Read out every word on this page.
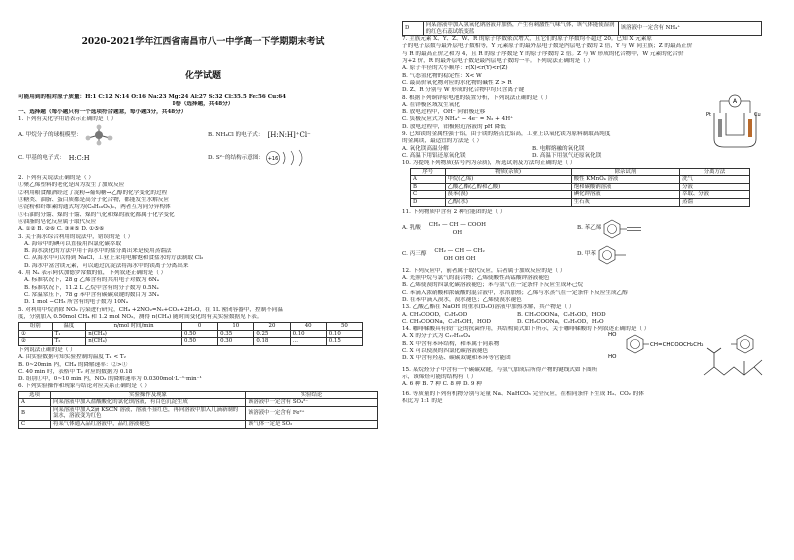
2020-2021学年江西省南昌市八一中学高一下学期期末考试

化学试题

可能用到的相对原子质量：H:1 C:12 N:14 O:16 Na:23 Mg:24 Al:27 S:32 Cl:35.5 Fe:56 Cu:64

Ⅰ卷（选择题，共48分）

一、选择题（每小题只有一个选项符合题意，每小题3分，共48分）

1. 下列有关化学用语表示正确的是（ ）

A. 甲烷分子的球棍模型：	B. NH₄Cl 的电子式： [H:N:H]⁺Cl⁻
C. 甲基的电子式： H:C:H	D. S²⁻的结构示意图： +16

2. 下列有关说法正确的是（ ）

①聚乙烯塑料的老化是因为发生了加成反应

②利用粮食酿酒经过了淀粉→葡萄糖→乙醇的化学变化的过程

③糖类、油脂、蛋白质都是高分子化合物，都能发生水解反应

④淀粉和纤维素的通式均为(C₆H₁₀O₅)ₙ，两者互为同分异构体

⑤石油的分馏、煤的干馏、煤的气化和煤的液化都属于化学变化

⑥油脂的皂化反应属于取代反应

A. ①② B. ②⑥ C. ③④⑤ D. ①⑤⑥

3. 关于海水综合利用的说法中，错误的是（ ）

A. 海带中的碘可以直接用四氯化碳萃取

B. 海水淡化的方法中用于海水中的盐分离出来是使用蒸馏法

C. 从海水中可以得到 NaCl，工业上采用电解饱和食盐水的方法制取 Cl₂

D. 海水中富含镁元素，可以通过沉淀法将海水中的镁离子分离出来

4. 用 Nₐ 表示阿伏加德罗常数的值，下列叙述正确的是（ ）

A. 标准状况下，28 g 乙烯含有的共用电子对数为 6Nₐ

B. 标准状况下，11.2 L 乙烷中含有的分子数为 0.5Nₐ

C. 常温常压下，78 g 苯中含有碳碳双键的数目为 3Nₐ

D. 1 mol −CH₃ 所含有的电子数为 10Nₐ

5. 对利用甲烷消除 NO₂ 污染进行研究，CH₄ +2NO₂=N₂+CO₂+2H₂O，在 1L 密闭容器中，控制不同温

度，分别加入 0.50mol CH₄ 和 1.2 mol NO₂，测得 n(CH₄) 随时间变化的有关实验数据见下表。

组别	温度	n/mol 时间/min	0	10	20	40	50
①	T₁	n(CH₄)	0.50	0.35	0.25	0.10	0.10
②	T₂	n(CH₄)	0.50	0.30	0.18	…	0.15

下列说法正确的是（ ）

A. 由实验数据可知实验控制的温度 T₁ < T₂

B. 0~20min 内，CH₄ 的降解速率：②>①

C. 40 min 时，表格中 T₂ 对应的数据为 0.18

D. 组别①中，0~10 min 内，NO₂ 的降解速率为 0.0300mol·L⁻¹·min⁻¹

6. 下列实验操作和现象与结论对应关系正确的是（ ）

选项	实验操作及现象	实验结论
A	向某溶液中加入盐酸酸化的氯化钡溶液，有白色沉淀生成	该溶液中一定含有 SO₄²⁻
B	向某溶液中加入2滴 KSCN 溶液，溶液不显红色，再向溶液中加入几滴新制的氯水，溶液变为红色	该溶液中一定含有 Fe²⁺
C	将某气体通入品红溶液中，品红溶液褪色	该气体一定是 SO₂
D	向某溶液中加入氢氧化钠溶液并加热，产生有刺激性气味气体，该气体能使湿润的红色石蕊试纸变蓝	该溶液中一定含有 NH₄⁺

7. 主族元素 X、Y、Z、W、R 的原子序数依次增大，且它们的原子序数均不超过 20。已知 X 元素原

子的电子层数与最外层电子数相等，Y 元素原子的最外层电子数是内层电子数的 2 倍，Y 与 W 同主族；Z 的最高正价

与 R 的最高正价之和为 4，且 R 的原子序数是 Y 的原子序数的 2 倍。Z 与 W 形成的化合物中，W 元素的化合价

为+2 价，R 的最外层电子数是最内层电子数的一半。下列说法正确的是（ ）

A. 原子半径的大小顺序：r(X)<r(Y)<r(Z)

B. 气态氢化物的稳定性：X< W

C. 最高价氧化物对应的水化物的碱性 Z > R

D. Z、R 分别与 W 形成的化合物中均只含离子键

8. 根据下列铜锌原电池的装置分析，下列说法正确的是（ ）

A. 在锌极区域发生氧化

B. 放电过程中，OH⁻ 向铂极迁移

C. 负极反应式为 NH₄⁺ − 4e⁻ = N₂ + 4H⁺

D. 放电过程中，铂极附近溶液的 pH 降低

A
Pt	Cu

9. 已知镁的金属性强于铝，由于镁的熔点比铝高，工业上以氧化镁为原料制取高纯度

的金属镁，最适宜的方法是（ ）

A. 氧化镁高温分解	B. 电解熔融的氧化镁
C. 高温下用铝还原氧化镁	D. 高温下用氢气还原氧化镁

10. 为提纯下列物质(括号内为杂质)，所选试剂及方法均正确的是（ ）

序号	物质(杂质)	除杂试剂	分离方法
A	甲烷(乙烯)	酸性 KMnO₄ 溶液	洗气
B	乙酸乙酯(乙醇和乙酸)	饱和碳酸钠溶液	分液
C	溴苯(溴)	碘化钾溶液	萃取、分液
D	乙醇(水)	生石灰	蒸馏

11. 下列物质中含有 2 种官能团的是（ ）

A. 乳酸
CH₃ — CH — COOH
OH
B. 苯乙烯
C. 丙三醇
CH₂ — CH — CH₂
OH OH OH
D. 甲苯

12. 下列反应中，前者属于取代反应，后者属于加成反应的是（ ）

A. 光照甲烷与氯气的混合物；乙烯使酸性高锰酸钾溶液褪色

B. 乙烯使溴的四氯化碳溶液褪色；苯与氢气在一定条件下反应生成环己烷

C. 苯滴入浓硝酸和浓硫酸的混合液中，水浴加热；乙烯与水蒸气在一定条件下反应生成乙醇

D. 在苯中滴入溴水，溴水褪色；乙烯使溴水褪色

13. 乙酸乙酯在 NaOH 的重水(D₂O)溶液中加热水解，其产物是（ ）

A. CH₃COOD，C₂H₅OD	B. CH₃COONa，C₂H₅OD，HOD
C. CH₃COONa，C₂H₅OH，HOD	D. CH₃COONa，C₂H₅OD，H₂O

14. 咖啡鞣酸具有较广泛的抗菌作用，其结构简式如下所示，关于咖啡鞣酸的下列叙述正确的是（ ）

A. X 的分子式为 C₁₇H₁₆O₄

B. X 中含有苯环结构，和苯属于同系物

C. X 可以使溴的四氯化碳溶液褪色

D. X 中含有羟基、碳碳双键和苯环等官能团

HO
HO
CH=CHCOOCH₂CH₂

15. 某烷烃分子中含有一个碳碳双键，与氢气加成后所得产物的键线式如下图所

示，该烯烃可能的结构有（ ）

A. 6 种 B. 7 种 C. 8 种 D. 9 种

16. 等质量的下列有机物分别与足量 Na、NaHCO₃ 完全反应，在相同条件下生成 H₂、CO₂ 的体

积比为 1:1 的是
